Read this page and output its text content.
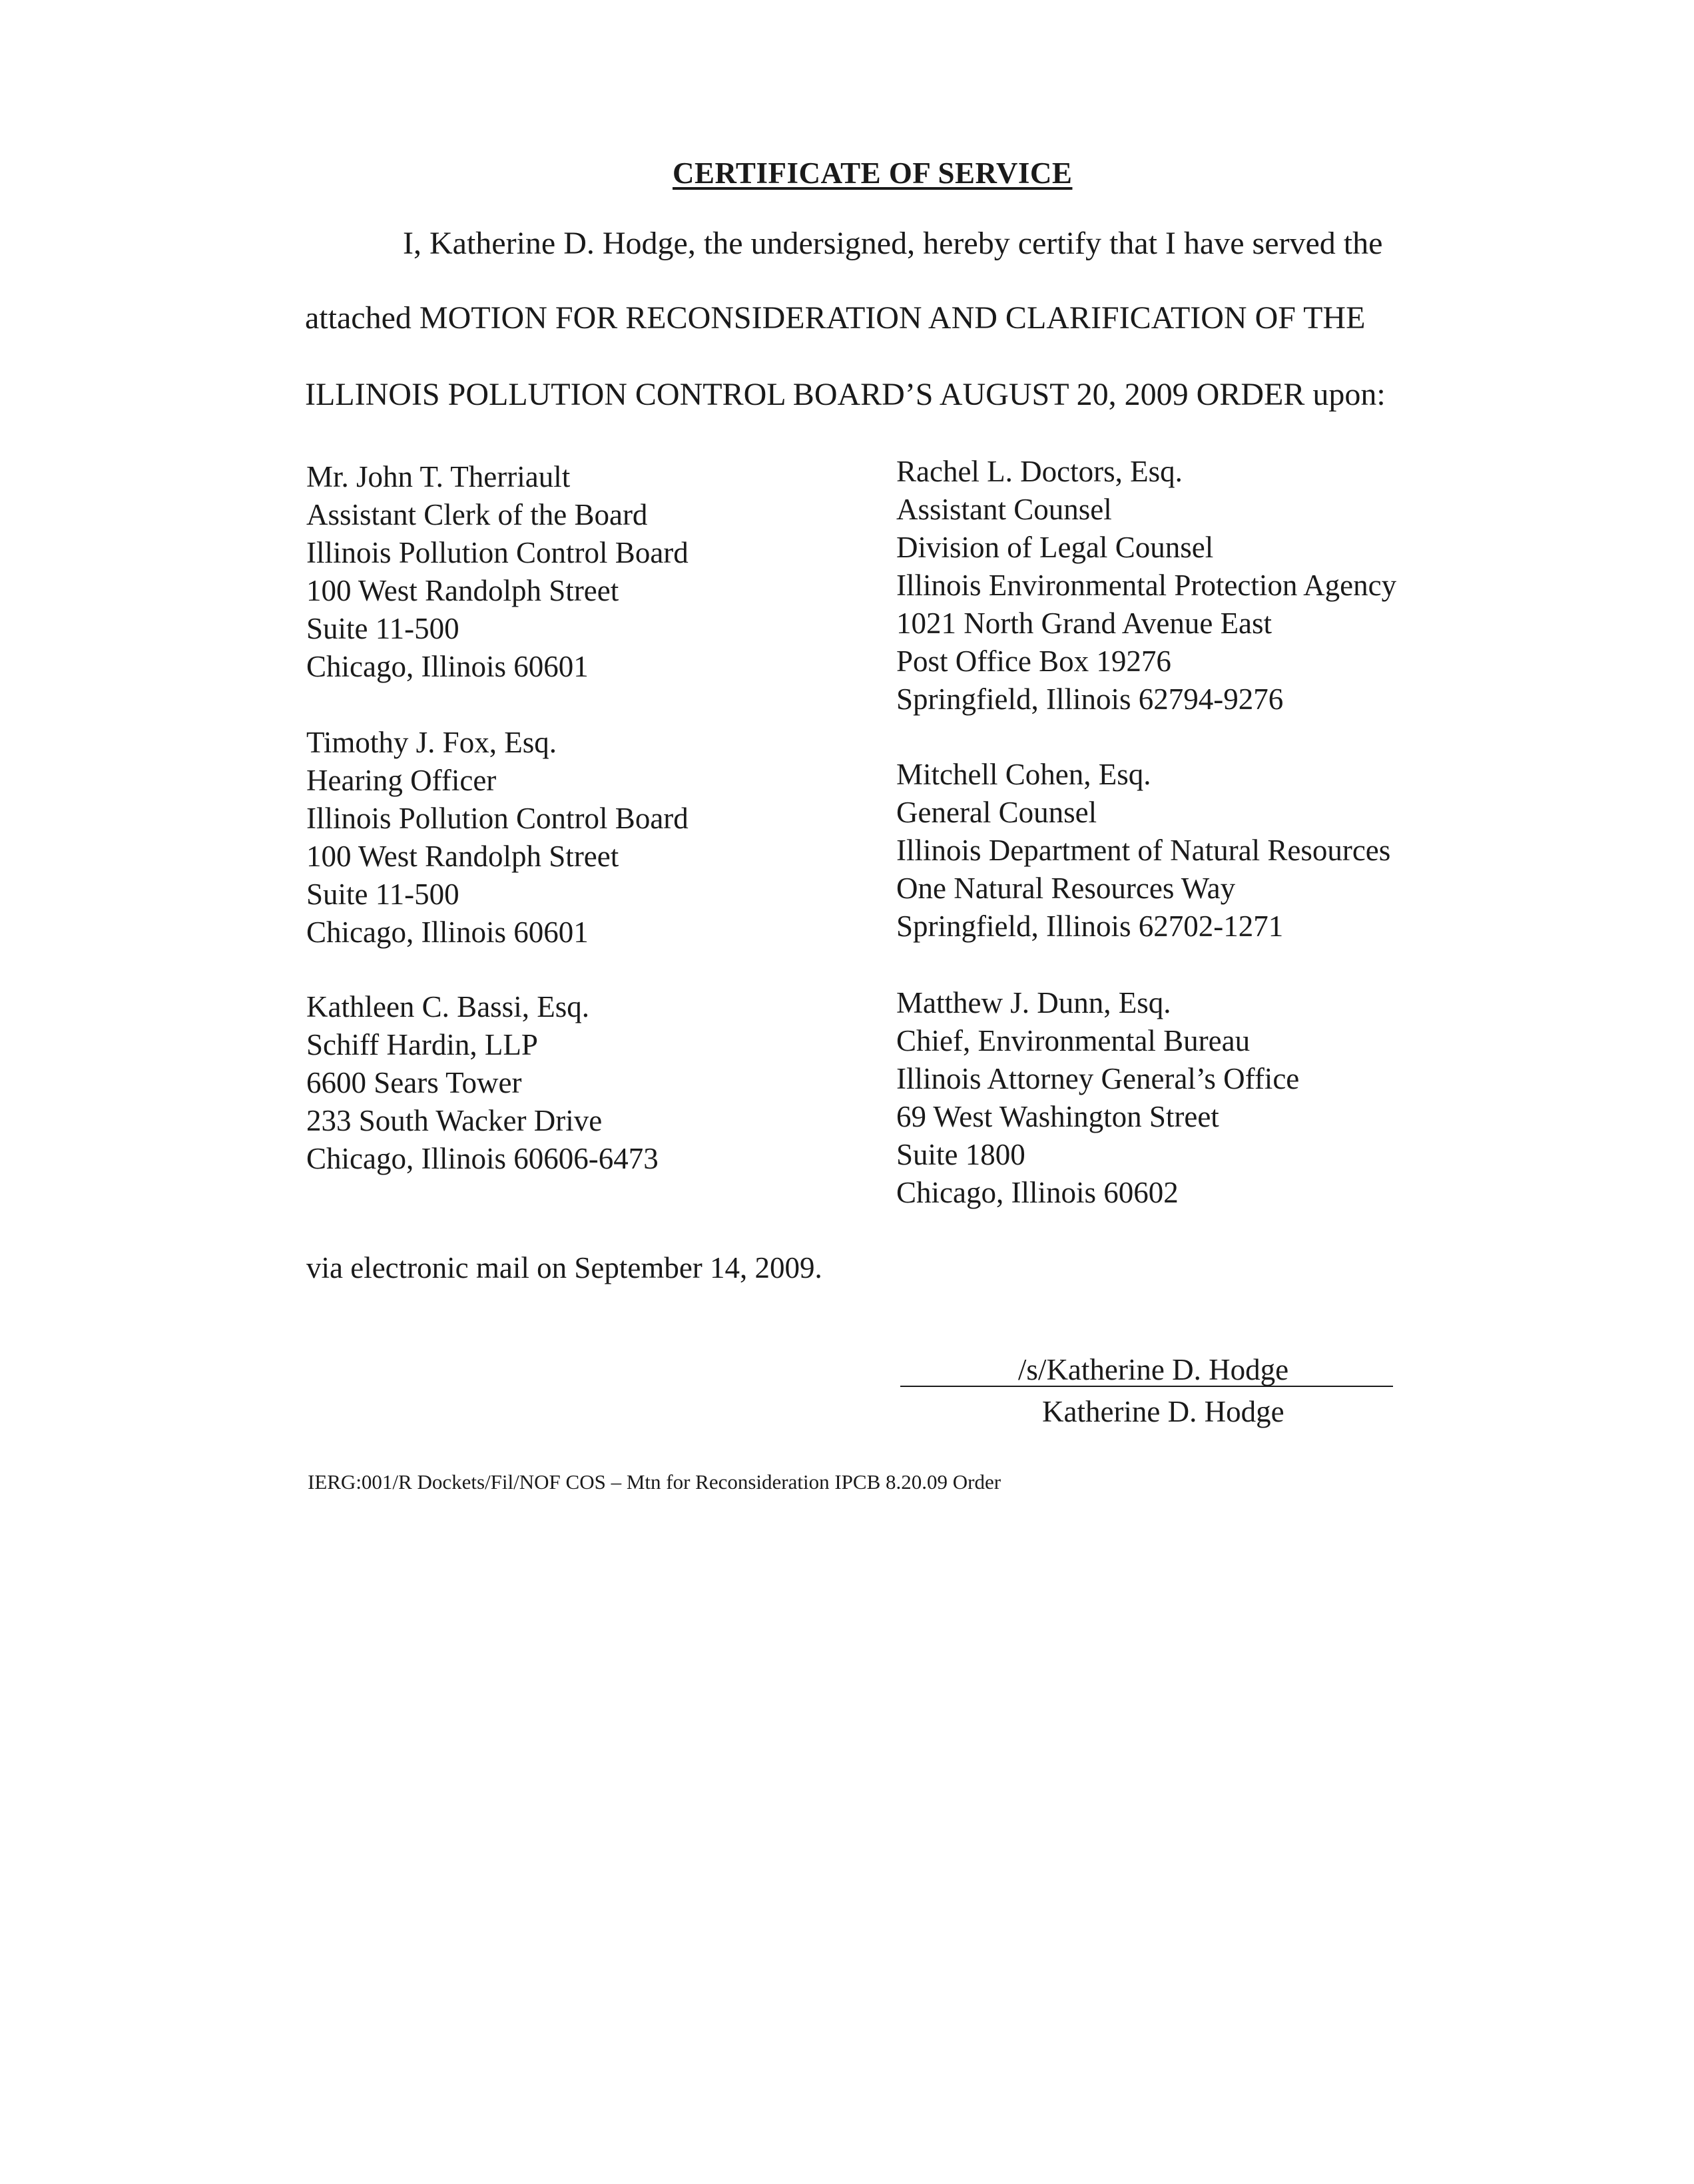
CERTIFICATE OF SERVICE
I, Katherine D. Hodge, the undersigned, hereby certify that I have served the
attached MOTION FOR RECONSIDERATION AND CLARIFICATION OF THE
ILLINOIS POLLUTION CONTROL BOARD’S AUGUST 20, 2009 ORDER upon:
Mr. John T. Therriault
Assistant Clerk of the Board
Illinois Pollution Control Board
100 West Randolph Street
Suite 11-500
Chicago, Illinois 60601
Timothy J. Fox, Esq.
Hearing Officer
Illinois Pollution Control Board
100 West Randolph Street
Suite 11-500
Chicago, Illinois 60601
Kathleen C. Bassi, Esq.
Schiff Hardin, LLP
6600 Sears Tower
233 South Wacker Drive
Chicago, Illinois 60606-6473
Rachel L. Doctors, Esq.
Assistant Counsel
Division of Legal Counsel
Illinois Environmental Protection Agency
1021 North Grand Avenue East
Post Office Box 19276
Springfield, Illinois 62794-9276
Mitchell Cohen, Esq.
General Counsel
Illinois Department of Natural Resources
One Natural Resources Way
Springfield, Illinois 62702-1271
Matthew J. Dunn, Esq.
Chief, Environmental Bureau
Illinois Attorney General’s Office
69 West Washington Street
Suite 1800
Chicago, Illinois 60602
via electronic mail on September 14, 2009.
/s/Katherine D. Hodge
Katherine D. Hodge
IERG:001/R Dockets/Fil/NOF COS – Mtn for Reconsideration IPCB 8.20.09 Order
